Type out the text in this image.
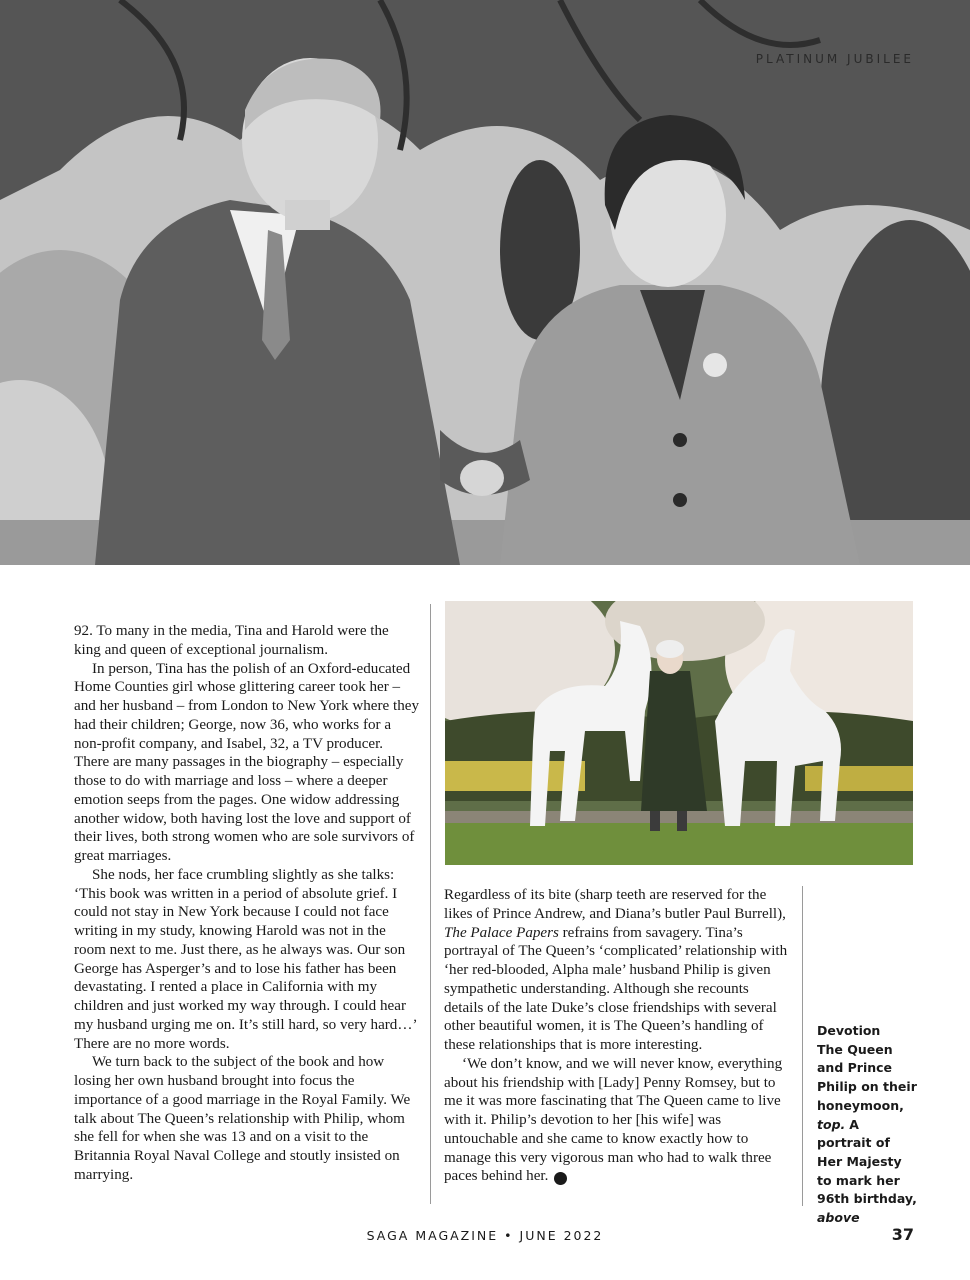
PLATINUM JUBILEE

92. To many in the media, Tina and Harold were the king and queen of exceptional journalism.

In person, Tina has the polish of an Oxford-educated Home Counties girl whose glittering career took her – and her husband – from London to New York where they had their children; George, now 36, who works for a non-profit company, and Isabel, 32, a TV producer. There are many passages in the biography – especially those to do with marriage and loss – where a deeper emotion seeps from the pages. One widow addressing another widow, both having lost the love and support of their lives, both strong women who are sole survivors of great marriages.

She nods, her face crumbling slightly as she talks: ‘This book was written in a period of absolute grief. I could not stay in New York because I could not face writing in my study, knowing Harold was not in the room next to me. Just there, as he always was. Our son George has Asperger’s and to lose his father has been devastating. I rented a place in California with my children and just worked my way through. I could hear my husband urging me on. It’s still hard, so very hard…’ There are no more words.

We turn back to the subject of the book and how losing her own husband brought into focus the importance of a good marriage in the Royal Family. We talk about The Queen’s relationship with Philip, whom she fell for when she was 13 and on a visit to the Britannia Royal Naval College and stoutly insisted on marrying.

Regardless of its bite (sharp teeth are reserved for the likes of Prince Andrew, and Diana’s butler Paul Burrell), The Palace Papers refrains from savagery. Tina’s portrayal of The Queen’s ‘complicated’ relationship with ‘her red-blooded, Alpha male’ husband Philip is given sympathetic understanding. Although she recounts details of the late Duke’s close friendships with several other beautiful women, it is The Queen’s handling of these relationships that is more interesting.

‘We don’t know, and we will never know, everything about his friendship with [Lady] Penny Romsey, but to me it was more fascinating that The Queen came to live with it. Philip’s devotion to her [his wife] was untouchable and she came to know exactly how to manage this very vigorous man who had to walk three paces behind her. ➔

Devotion
The Queen and Prince Philip on their honeymoon, top. A portrait of Her Majesty to mark her 96th birthday, above
SAGA MAGAZINE • JUNE 2022	37
